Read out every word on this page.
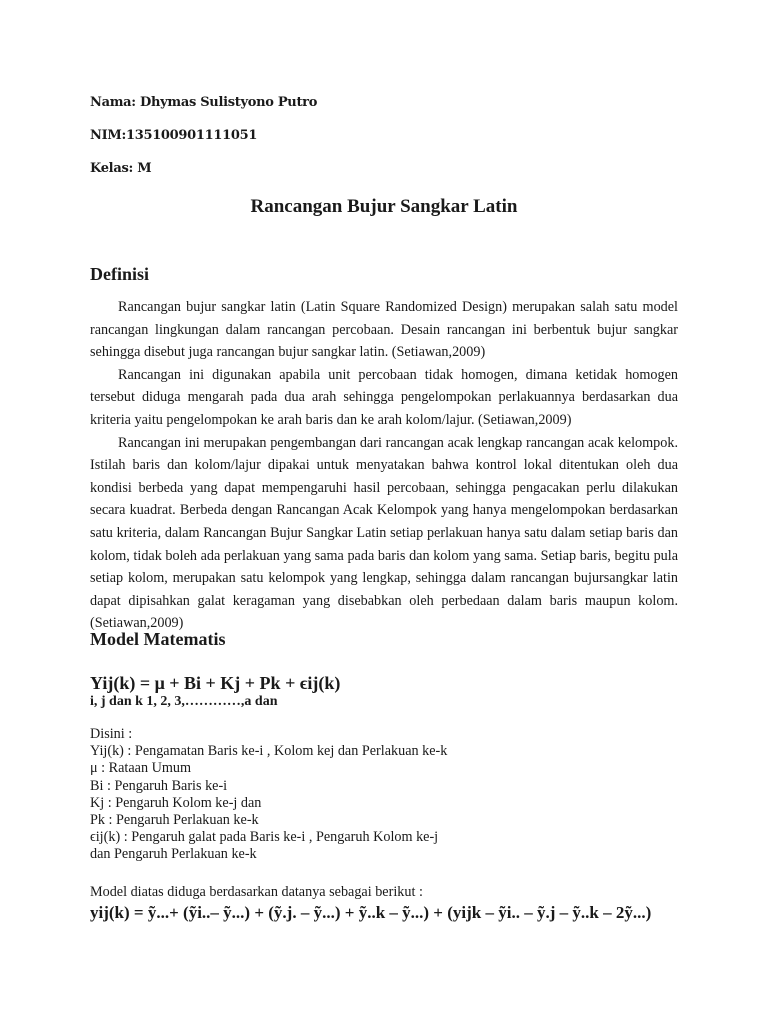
Nama: Dhymas Sulistyono Putro

NIM:135100901111051

Kelas: M

Rancangan Bujur Sangkar Latin
Definisi

Rancangan bujur sangkar latin (Latin Square Randomized Design) merupakan salah satu model rancangan lingkungan dalam rancangan percobaan. Desain rancangan ini berbentuk bujur sangkar sehingga disebut juga rancangan bujur sangkar latin. (Setiawan,2009)

Rancangan ini digunakan apabila unit percobaan tidak homogen, dimana ketidak homogen tersebut diduga mengarah pada dua arah sehingga pengelompokan perlakuannya berdasarkan dua kriteria yaitu pengelompokan ke arah baris dan ke arah kolom/lajur. (Setiawan,2009)

Rancangan ini merupakan pengembangan dari rancangan acak lengkap rancangan acak kelompok. Istilah baris dan kolom/lajur dipakai untuk menyatakan bahwa kontrol lokal ditentukan oleh dua kondisi berbeda yang dapat mempengaruhi hasil percobaan, sehingga pengacakan perlu dilakukan secara kuadrat. Berbeda dengan Rancangan Acak Kelompok yang hanya mengelompokan berdasarkan satu kriteria, dalam Rancangan Bujur Sangkar Latin setiap perlakuan hanya satu dalam setiap baris dan kolom, tidak boleh ada perlakuan yang sama pada baris dan kolom yang sama. Setiap baris, begitu pula setiap kolom, merupakan satu kelompok yang lengkap, sehingga dalam rancangan bujursangkar latin dapat dipisahkan galat keragaman yang disebabkan oleh perbedaan dalam baris maupun kolom. (Setiawan,2009)

Model Matematis

Yij(k) = μ + Bi + Kj + Pk + ϵij(k)

i, j dan k 1, 2, 3,…………,a dan

Disini :
Yij(k) : Pengamatan Baris ke-i , Kolom kej dan Perlakuan ke-k
μ : Rataan Umum
Bi : Pengaruh Baris ke-i
Kj : Pengaruh Kolom ke-j dan
Pk : Pengaruh Perlakuan ke-k
ϵij(k) : Pengaruh galat pada Baris ke-i , Pengaruh Kolom ke-j
dan Pengaruh Perlakuan ke-k

Model diatas diduga berdasarkan datanya sebagai berikut :

yij(k) = ỹ...+ (ỹi..– ỹ...) + (ỹ.j. – ỹ...) + ỹ..k – ỹ...) + (yijk – ỹi.. – ỹ.j – ỹ..k – 2ỹ...)
